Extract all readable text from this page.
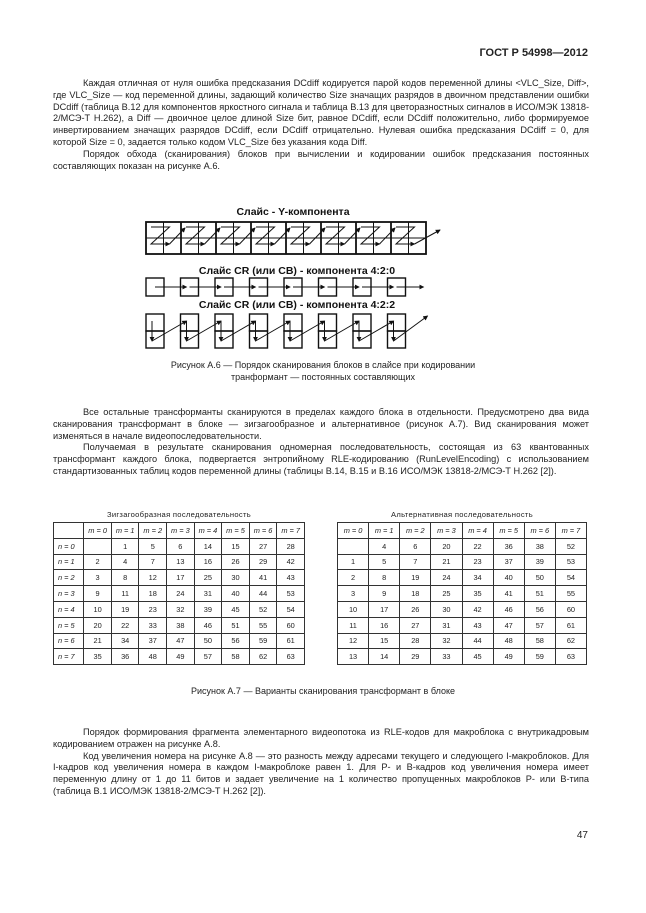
ГОСТ Р 54998—2012

Каждая отличная от нуля ошибка предсказания DCdiff кодируется парой кодов переменной длины <VLC_Size, Diff>, где VLC_Size — код переменной длины, задающий количество Size значащих разрядов в двоичном представлении ошибки DCdiff (таблица В.12 для компонентов яркостного сигнала и таблица В.13 для цветоразностных сигналов в ИСО/МЭК 13818-2/МСЭ-Т Н.262), а Diff — двоичное целое длиной Size бит, равное DCdiff, если DCdiff положительно, либо формируемое инвертированием значащих разрядов DCdiff, если DCdiff отрицательно. Нулевая ошибка предсказания DCdiff = 0, для которой Size = 0, задается только кодом VLC_Size без указания кода Diff.

Порядок обхода (сканирования) блоков при вычислении и кодировании ошибок предсказания постоянных составляющих показан на рисунке А.6.

Слайс - Y-компонента
Слайс CR (или CB) - компонента 4:2:0
Слайс CR (или CB) - компонента 4:2:2
Рисунок А.6 — Порядок сканирования блоков в слайсе при кодировании
транформант — постоянных составляющих

Все остальные трансформанты сканируются в пределах каждого блока в отдельности. Предусмотрено два вида сканирования трансформант в блоке — зигзагообразное и альтернативное (рисунок А.7). Вид сканирования может изменяться в начале видеопоследовательности.

Получаемая в результате сканирования одномерная последовательность, состоящая из 63 квантованных трансформант каждого блока, подвергается энтропийному RLE-кодированию (RunLevelEncoding) с использованием стандартизованных таблиц кодов переменной длины (таблицы В.14, В.15 и В.16 ИСО/МЭК 13818-2/МСЭ-Т Н.262 [2]).

Зигзагообразная последовательность
	m = 0	m = 1	m = 2	m = 3	m = 4	m = 5	m = 6	m = 7
n = 0		1	5	6	14	15	27	28
n = 1	2	4	7	13	16	26	29	42
n = 2	3	8	12	17	25	30	41	43
n = 3	9	11	18	24	31	40	44	53
n = 4	10	19	23	32	39	45	52	54
n = 5	20	22	33	38	46	51	55	60
n = 6	21	34	37	47	50	56	59	61
n = 7	35	36	48	49	57	58	62	63
Альтернативная последовательность
m = 0	m = 1	m = 2	m = 3	m = 4	m = 5	m = 6	m = 7
	4	6	20	22	36	38	52
1	5	7	21	23	37	39	53
2	8	19	24	34	40	50	54
3	9	18	25	35	41	51	55
10	17	26	30	42	46	56	60
11	16	27	31	43	47	57	61
12	15	28	32	44	48	58	62
13	14	29	33	45	49	59	63
Рисунок А.7 — Варианты сканирования трансформант в блоке

Порядок формирования фрагмента элементарного видеопотока из RLE-кодов для макроблока с внутрикадровым кодированием отражен на рисунке А.8.

Код увеличения номера на рисунке А.8 — это разность между адресами текущего и следующего I-макроблоков. Для I-кадров код увеличения номера в каждом I-макроблоке равен 1. Для P- и B-кадров код увеличения номера имеет переменную длину от 1 до 11 битов и задает увеличение на 1 количество пропущенных макроблоков P- или B-типа (таблица В.1 ИСО/МЭК 13818-2/МСЭ-Т Н.262 [2]).

47
